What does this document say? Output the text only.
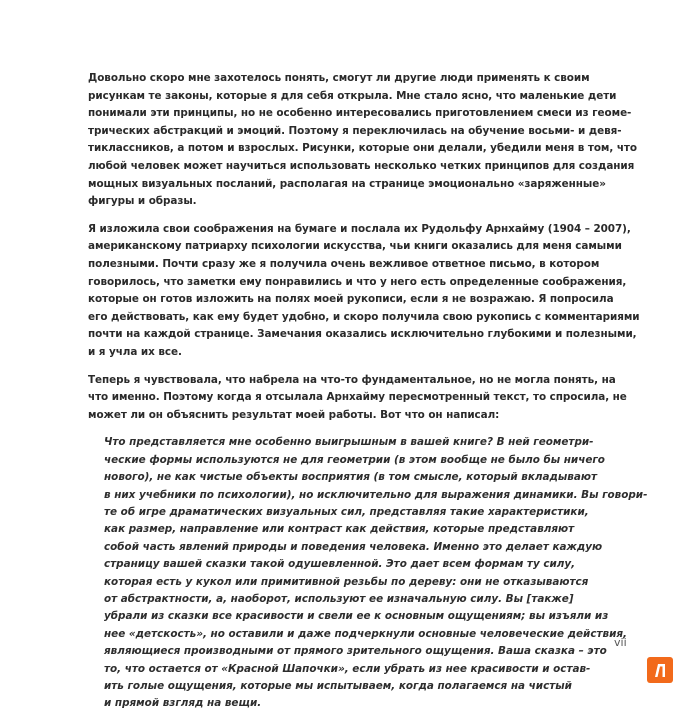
Довольно скоро мне захотелось понять, смогут ли другие люди применять к своим
рисункам те законы, которые я для себя открыла. Мне стало ясно, что маленькие дети
понимали эти принципы, но не особенно интересовались приготовлением смеси из геоме-
трических абстракций и эмоций. Поэтому я переключилась на обучение восьми- и девя-
тиклассников, а потом и взрослых. Рисунки, которые они делали, убедили меня в том, что
любой человек может научиться использовать несколько четких принципов для создания
мощных визуальных посланий, располагая на странице эмоционально «заряженные»
фигуры и образы.

Я изложила свои соображения на бумаге и послала их Рудольфу Арнхайму (1904 – 2007),
американскому патриарху психологии искусства, чьи книги оказались для меня самыми
полезными. Почти сразу же я получила очень вежливое ответное письмо, в котором
говорилось, что заметки ему понравились и что у него есть определенные соображения,
которые он готов изложить на полях моей рукописи, если я не возражаю. Я попросила
его действовать, как ему будет удобно, и скоро получила свою рукопись с комментариями
почти на каждой странице. Замечания оказались исключительно глубокими и полезными,
и я учла их все.

Теперь я чувствовала, что набрела на что-то фундаментальное, но не могла понять, на
что именно. Поэтому когда я отсылала Арнхайму пересмотренный текст, то спросила, не
может ли он объяснить результат моей работы. Вот что он написал:

Что представляется мне особенно выигрышным в вашей книге? В ней геометри-
ческие формы используются не для геометрии (в этом вообще не было бы ничего
нового), не как чистые объекты восприятия (в том смысле, который вкладывают
в них учебники по психологии), но исключительно для выражения динамики. Вы говори-
те об игре драматических визуальных сил, представляя такие характеристики,
как размер, направление или контраст как действия, которые представляют
собой часть явлений природы и поведения человека. Именно это делает каждую
страницу вашей сказки такой одушевленной. Это дает всем формам ту силу,
которая есть у кукол или примитивной резьбы по дереву: они не отказываются
от абстрактности, а, наоборот, используют ее изначальную силу. Вы [также]
убрали из сказки все красивости и свели ее к основным ощущениям; вы изъяли из
нее «детскость», но оставили и даже подчеркнули основные человеческие действия,
являющиеся производными от прямого зрительного ощущения. Ваша сказка – это
то, что остается от «Красной Шапочки», если убрать из нее красивости и остав-
ить голые ощущения, которые мы испытываем, когда полагаемся на чистый
и прямой взгляд на вещи.
vii
